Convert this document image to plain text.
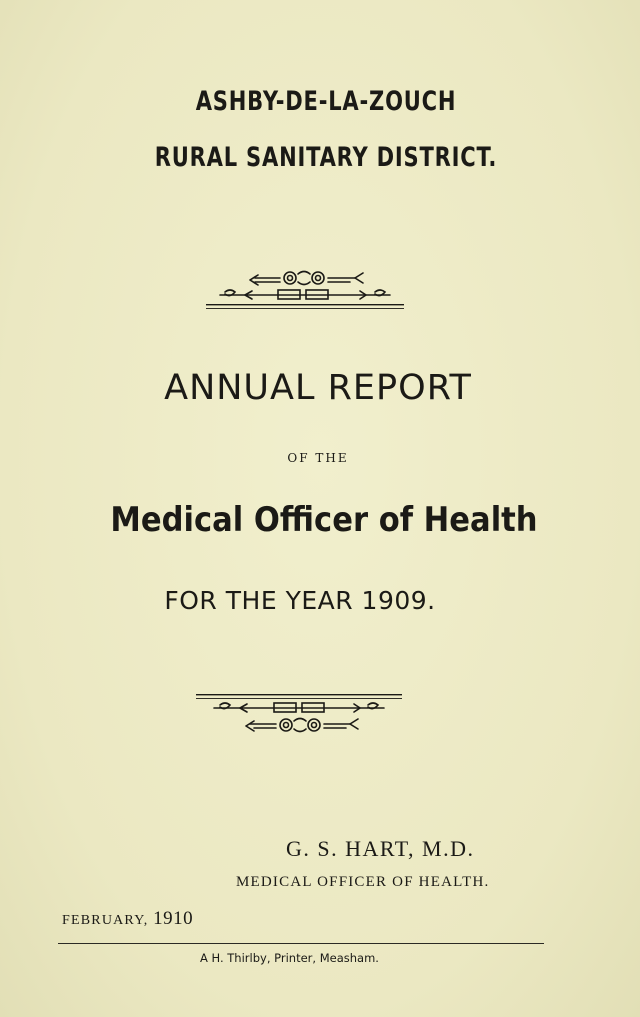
ASHBY-DE-LA-ZOUCH
RURAL SANITARY DISTRICT.
ANNUAL REPORT
OF THE
Medical Officer of Health
FOR THE YEAR 1909.
G. S. HART, M.D.
MEDICAL OFFICER OF HEALTH.
FEBRUARY, 1910
A H. Thirlby, Printer, Measham.
